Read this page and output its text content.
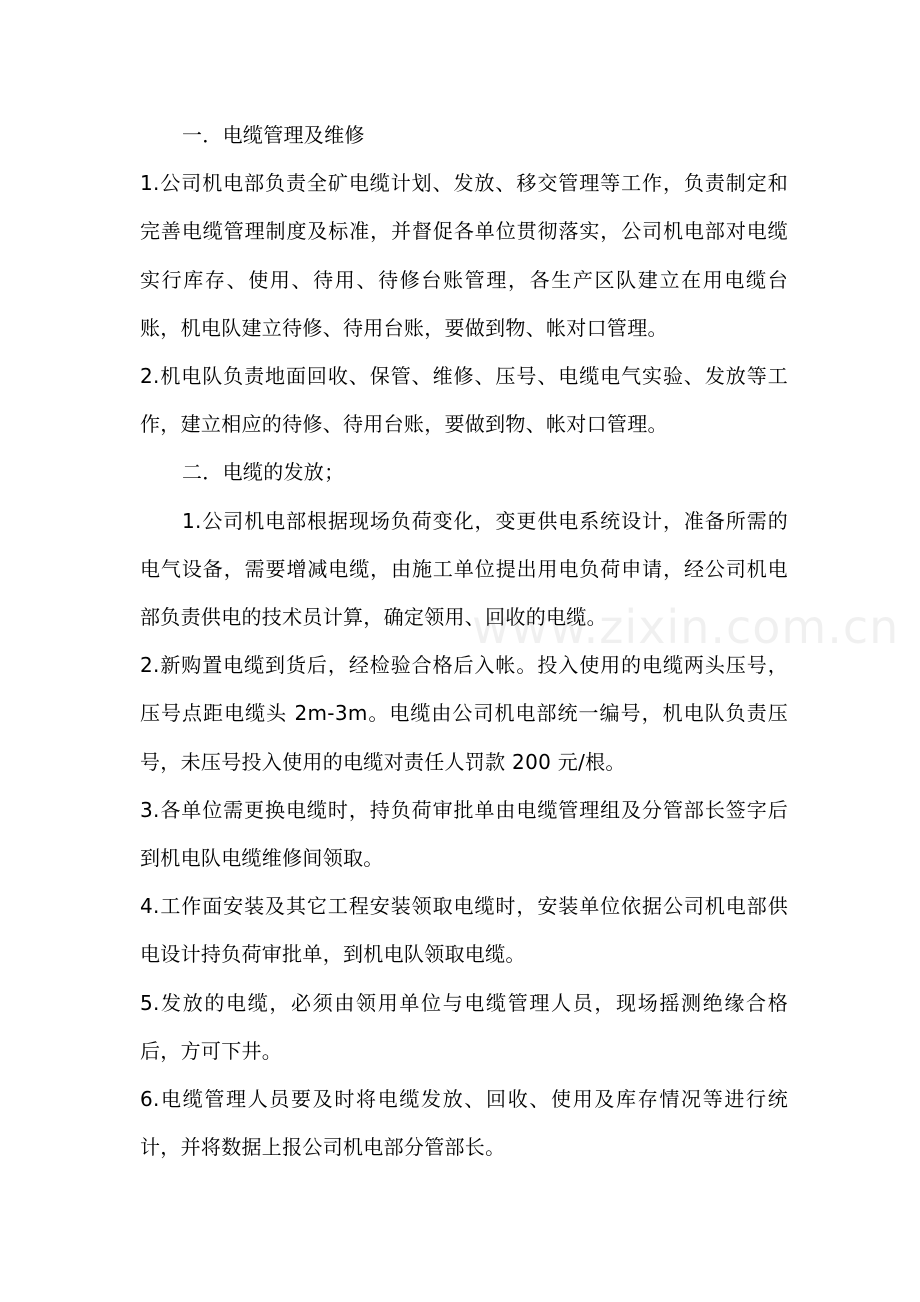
www.zixin.com.cn

一．电缆管理及维修

1.公司机电部负责全矿电缆计划、发放、移交管理等工作，负责制定和完善电缆管理制度及标准，并督促各单位贯彻落实，公司机电部对电缆实行库存、使用、待用、待修台账管理，各生产区队建立在用电缆台账，机电队建立待修、待用台账，要做到物、帐对口管理。

2.机电队负责地面回收、保管、维修、压号、电缆电气实验、发放等工作，建立相应的待修、待用台账，要做到物、帐对口管理。

二．电缆的发放；

1.公司机电部根据现场负荷变化，变更供电系统设计，准备所需的电气设备，需要增减电缆，由施工单位提出用电负荷申请，经公司机电部负责供电的技术员计算，确定领用、回收的电缆。

2.新购置电缆到货后，经检验合格后入帐。投入使用的电缆两头压号，压号点距电缆头 2m-3m。电缆由公司机电部统一编号，机电队负责压号，未压号投入使用的电缆对责任人罚款 200 元/根。

3.各单位需更换电缆时，持负荷审批单由电缆管理组及分管部长签字后到机电队电缆维修间领取。

4.工作面安装及其它工程安装领取电缆时，安装单位依据公司机电部供电设计持负荷审批单，到机电队领取电缆。

5.发放的电缆，必须由领用单位与电缆管理人员，现场摇测绝缘合格后，方可下井。

6.电缆管理人员要及时将电缆发放、回收、使用及库存情况等进行统计，并将数据上报公司机电部分管部长。
